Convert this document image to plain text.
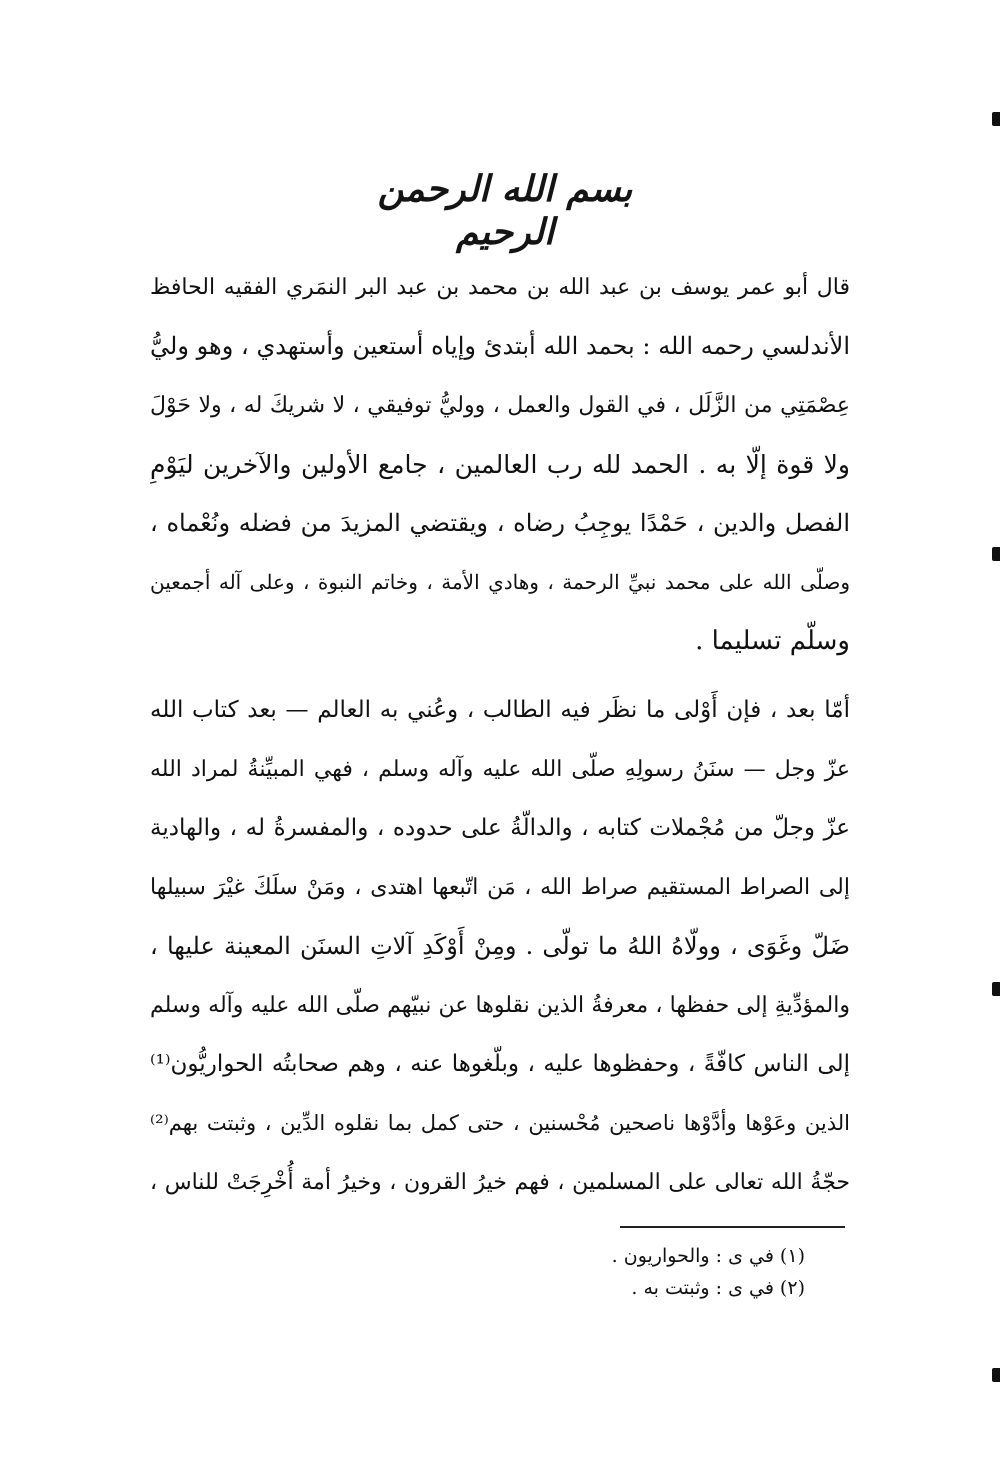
بسم الله الرحمن الرحيم
قال أبو عمر يوسف بن عبد الله بن محمد بن عبد البر النمَري الفقيه الحافظ
الأندلسي رحمه الله : بحمد الله أبتدئ وإياه أستعين وأستهدي ، وهو وليُّ
عِصْمَتِي من الزَّلَل ، في القول والعمل ، ووليُّ توفيقي ، لا شريكَ له ، ولا حَوْلَ
ولا قوة إلّا به . الحمد لله رب العالمين ، جامع الأولين والآخرين ليَوْمِ
الفصل والدين ، حَمْدًا يوجِبُ رضاه ، ويقتضي المزيدَ من فضله ونُعْماه ،
وصلّى الله على محمد نبيِّ الرحمة ، وهادي الأمة ، وخاتم النبوة ، وعلى آله أجمعين
وسلّم تسليما .
أمّا بعد ، فإن أَوْلى ما نظَر فيه الطالب ، وعُني به العالم — بعد كتاب الله
عزّ وجل — سنَنُ رسولِهِ صلّى الله عليه وآله وسلم ، فهي المبيِّنةُ لمراد الله
عزّ وجلّ من مُجْملات كتابه ، والدالّةُ على حدوده ، والمفسرةُ له ، والهادية
إلى الصراط المستقيم صراط الله ، مَن اتّبعها اهتدى ، ومَنْ سلَكَ غيْرَ سبيلها
ضَلّ وغَوَى ، وولّاهُ اللهُ ما تولّى . ومِنْ أَوْكَدِ آلاتِ السنَن المعينة عليها ،
والمؤدِّيةِ إلى حفظها ، معرفةُ الذين نقلوها عن نبيّهم صلّى الله عليه وآله وسلم
إلى الناس كافّةً ، وحفظوها عليه ، وبلّغوها عنه ، وهم صحابتُه الحواريُّون⁽¹⁾
الذين وعَوْها وأدَّوْها ناصحين مُحْسنين ، حتى كمل بما نقلوه الدِّين ، وثبتت بهم⁽²⁾
حجّةُ الله تعالى على المسلمين ، فهم خيرُ القرون ، وخيرُ أمة أُخْرِجَتْ للناس ،
(١) في ى : والحواريون .
(٢) في ى : وثبتت به .
